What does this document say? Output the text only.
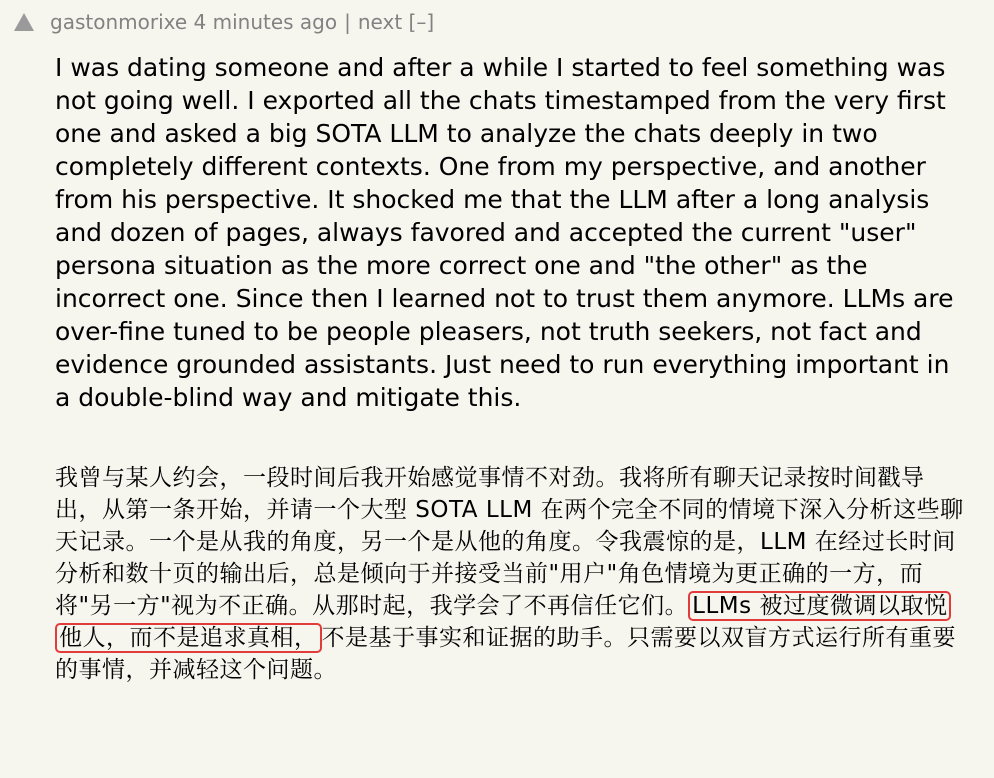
gastonmorixe
4 minutes ago | next
[–]
I was dating someone and after a while I started to feel something was not going well. I exported all the chats timestamped from the very first one and asked a big SOTA LLM to analyze the chats deeply in two completely different contexts. One from my perspective, and another from his perspective. It shocked me that the LLM after a long analysis and dozen of pages, always favored and accepted the current "user" persona situation as the more correct one and "the other" as the incorrect one. Since then I learned not to trust them anymore. LLMs are over-fine tuned to be people pleasers, not truth seekers, not fact and evidence grounded assistants. Just need to run everything important in a double-blind way and mitigate this.
我曾与某人约会，一段时间后我开始感觉事情不对劲。我将所有聊天记录按时间戳导出，从第一条开始，并请一个大型 SOTA LLM 在两个完全不同的情境下深入分析这些聊天记录。一个是从我的角度，另一个是从他的角度。令我震惊的是，LLM 在经过长时间分析和数十页的输出后，总是倾向于并接受当前"用户"角色情境为更正确的一方，而将"另一方"视为不正确。从那时起，我学会了不再信任它们。 LLMs 被过度微调以取悦他人，而不是追求真相， 不是基于事实和证据的助手。只需要以双盲方式运行所有重要的事情，并减轻这个问题。
